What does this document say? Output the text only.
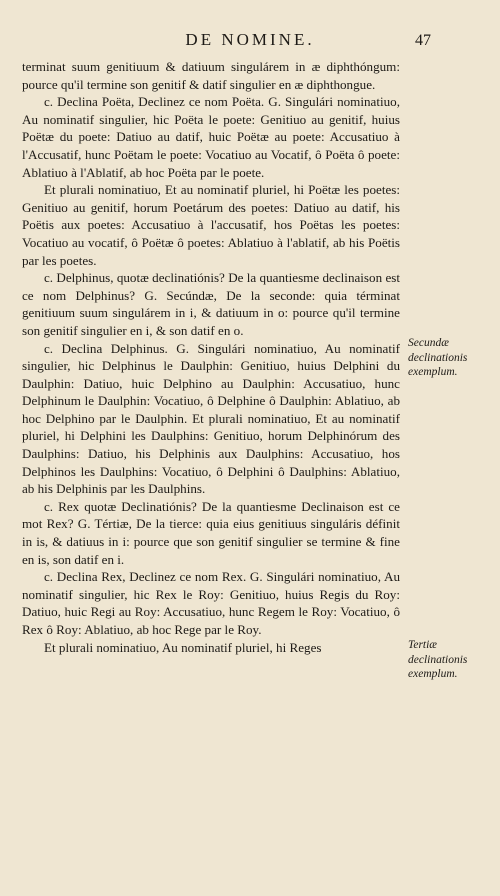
DE NOMINE.	47

terminat suum genitiuum & datiuum singulárem in æ diphthóngum: pource qu'il termine son genitif & datif singulier en æ diphthongue.

c. Declina Poëta, Declinez ce nom Poëta. G. Singulári nominatiuo, Au nominatif singulier, hic Poëta le poete: Genitiuo au genitif, huius Poëtæ du poete: Datiuo au datif, huic Poëtæ au poete: Accusatiuo à l'Accusatif, hunc Poëtam le poete: Vocatiuo au Vocatif, ô Poëta ô poete: Ablatiuo à l'Ablatif, ab hoc Poëta par le poete.

Et plurali nominatiuo, Et au nominatif pluriel, hi Poëtæ les poetes: Genitiuo au genitif, horum Poetárum des poetes: Datiuo au datif, his Poëtis aux poetes: Accusatiuo à l'accusatif, hos Poëtas les poetes: Vocatiuo au vocatif, ô Poëtæ ô poetes: Ablatiuo à l'ablatif, ab his Poëtis par les poetes.

c. Delphinus, quotæ declinatiónis? De la quantiesme declinaison est ce nom Delphinus? G. Secúndæ, De la seconde: quia términat genitiuum suum singulárem in i, & datiuum in o: pource qu'il termine son genitif singulier en i, & son datif en o.

c. Declina Delphinus. G. Singulári nominatiuo, Au nominatif singulier, hic Delphinus le Daulphin: Genitiuo, huius Delphini du Daulphin: Datiuo, huic Delphino au Daulphin: Accusatiuo, hunc Delphinum le Daulphin: Vocatiuo, ô Delphine ô Daulphin: Ablatiuo, ab hoc Delphino par le Daulphin. Et plurali nominatiuo, Et au nominatif pluriel, hi Delphini les Daulphins: Genitiuo, horum Delphinórum des Daulphins: Datiuo, his Delphinis aux Daulphins: Accusatiuo, hos Delphinos les Daulphins: Vocatiuo, ô Delphini ô Daulphins: Ablatiuo, ab his Delphinis par les Daulphins.

c. Rex quotæ Declinatiónis? De la quantiesme Declinaison est ce mot Rex? G. Tértiæ, De la tierce: quia eius genitiuus singuláris définit in is, & datiuus in i: pource que son genitif singulier se termine & fine en is, son datif en i.

c. Declina Rex, Declinez ce nom Rex. G. Singulári nominatiuo, Au nominatif singulier, hic Rex le Roy: Genitiuo, huius Regis du Roy: Datiuo, huic Regi au Roy: Accusatiuo, hunc Regem le Roy: Vocatiuo, ô Rex ô Roy: Ablatiuo, ab hoc Rege par le Roy.

Et plurali nominatiuo, Au nominatif pluriel, hi Reges

Secundæ declinationis exemplum.
Tertiæ declinationis exemplum.
